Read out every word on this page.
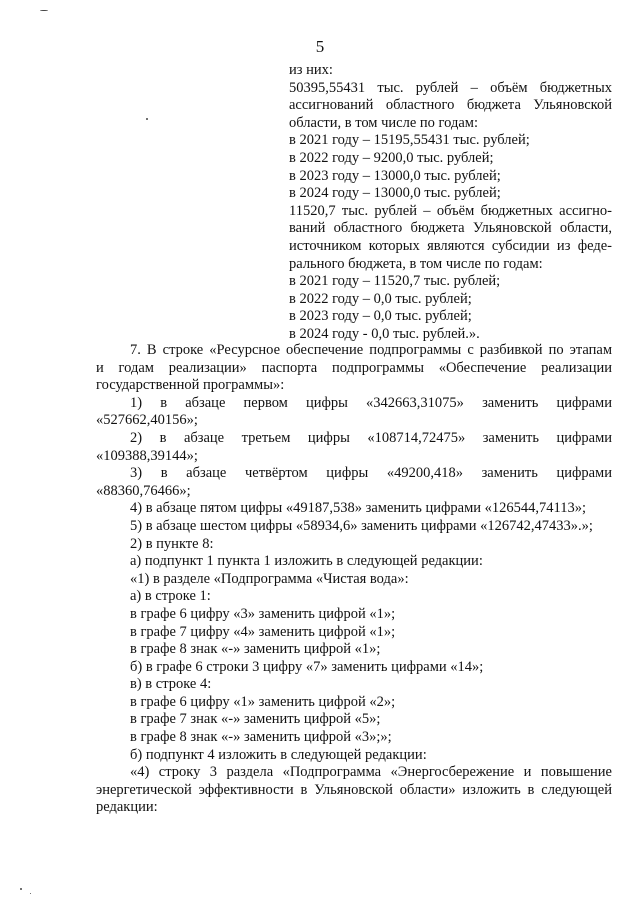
5

из них:

50395,55431 тыс. рублей – объём бюджетных

ассигнований областного бюджета Ульяновской

области, в том числе по годам:

в 2021 году – 15195,55431 тыс. рублей;

в 2022 году – 9200,0 тыс. рублей;

в 2023 году – 13000,0 тыс. рублей;

в 2024 году – 13000,0 тыс. рублей;

11520,7 тыс. рублей – объём бюджетных ассигно-

ваний областного бюджета Ульяновской области,

источником которых являются субсидии из феде-

рального бюджета, в том числе по годам:

в 2021 году – 11520,7 тыс. рублей;

в 2022 году – 0,0 тыс. рублей;

в 2023 году – 0,0 тыс. рублей;

в 2024 году - 0,0 тыс. рублей.».

7. В строке «Ресурсное обеспечение подпрограммы с разбивкой по этапам

и годам реализации» паспорта подпрограммы «Обеспечение реализации

государственной программы»:

1) в абзаце первом цифры «342663,31075» заменить цифрами

«527662,40156»;

2) в абзаце третьем цифры «108714,72475» заменить цифрами

«109388,39144»;

3) в абзаце четвёртом цифры «49200,418» заменить цифрами

«88360,76466»;

4) в абзаце пятом цифры «49187,538» заменить цифрами «126544,74113»;

5) в абзаце шестом цифры «58934,6» заменить цифрами «126742,47433».»;

2) в пункте 8:

а) подпункт 1 пункта 1 изложить в следующей редакции:

«1) в разделе «Подпрограмма «Чистая вода»:

а) в строке 1:

в графе 6 цифру «3» заменить цифрой «1»;

в графе 7 цифру «4» заменить цифрой «1»;

в графе 8 знак «-» заменить цифрой «1»;

б) в графе 6 строки 3 цифру «7» заменить цифрами «14»;

в) в строке 4:

в графе 6 цифру «1» заменить цифрой «2»;

в графе 7 знак «-» заменить цифрой «5»;

в графе 8 знак «-» заменить цифрой «3»;»;

б) подпункт 4 изложить в следующей редакции:

«4) строку 3 раздела «Подпрограмма «Энергосбережение и повышение

энергетической эффективности в Ульяновской области» изложить в следующей

редакции:
